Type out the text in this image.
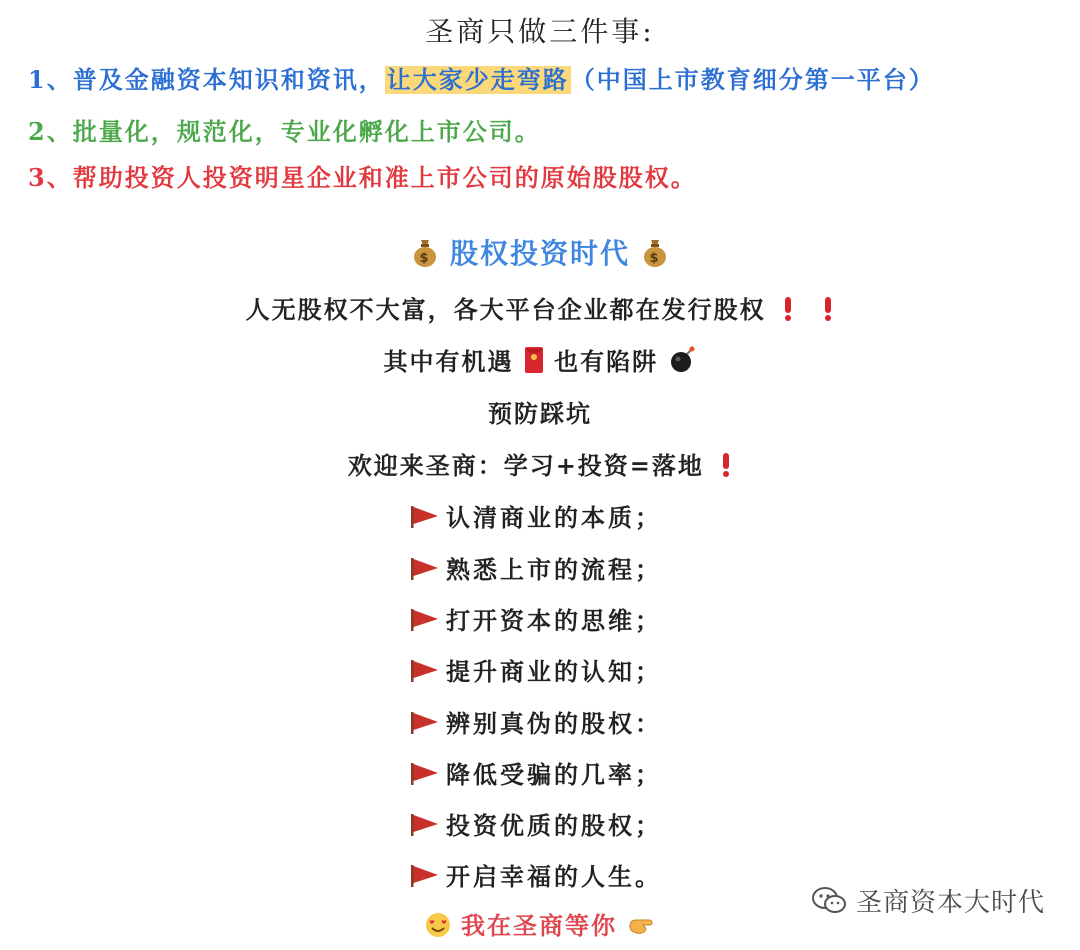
圣商只做三件事:
1、普及金融资本知识和资讯，让大家少走弯路（中国上市教育细分第一平台）
2、批量化，规范化，专业化孵化上市公司。
3、帮助投资人投资明星企业和准上市公司的原始股股权。
$ 股权投资时代 $
人无股权不大富，各大平台企业都在发行股权
其中有机遇 也有陷阱
预防踩坑
欢迎来圣商：学习+投资=落地
认清商业的本质；
熟悉上市的流程；
打开资本的思维；
提升商业的认知；
辨别真伪的股权：
降低受骗的几率；
投资优质的股权；
开启幸福的人生。
我在圣商等你
圣商资本大时代
